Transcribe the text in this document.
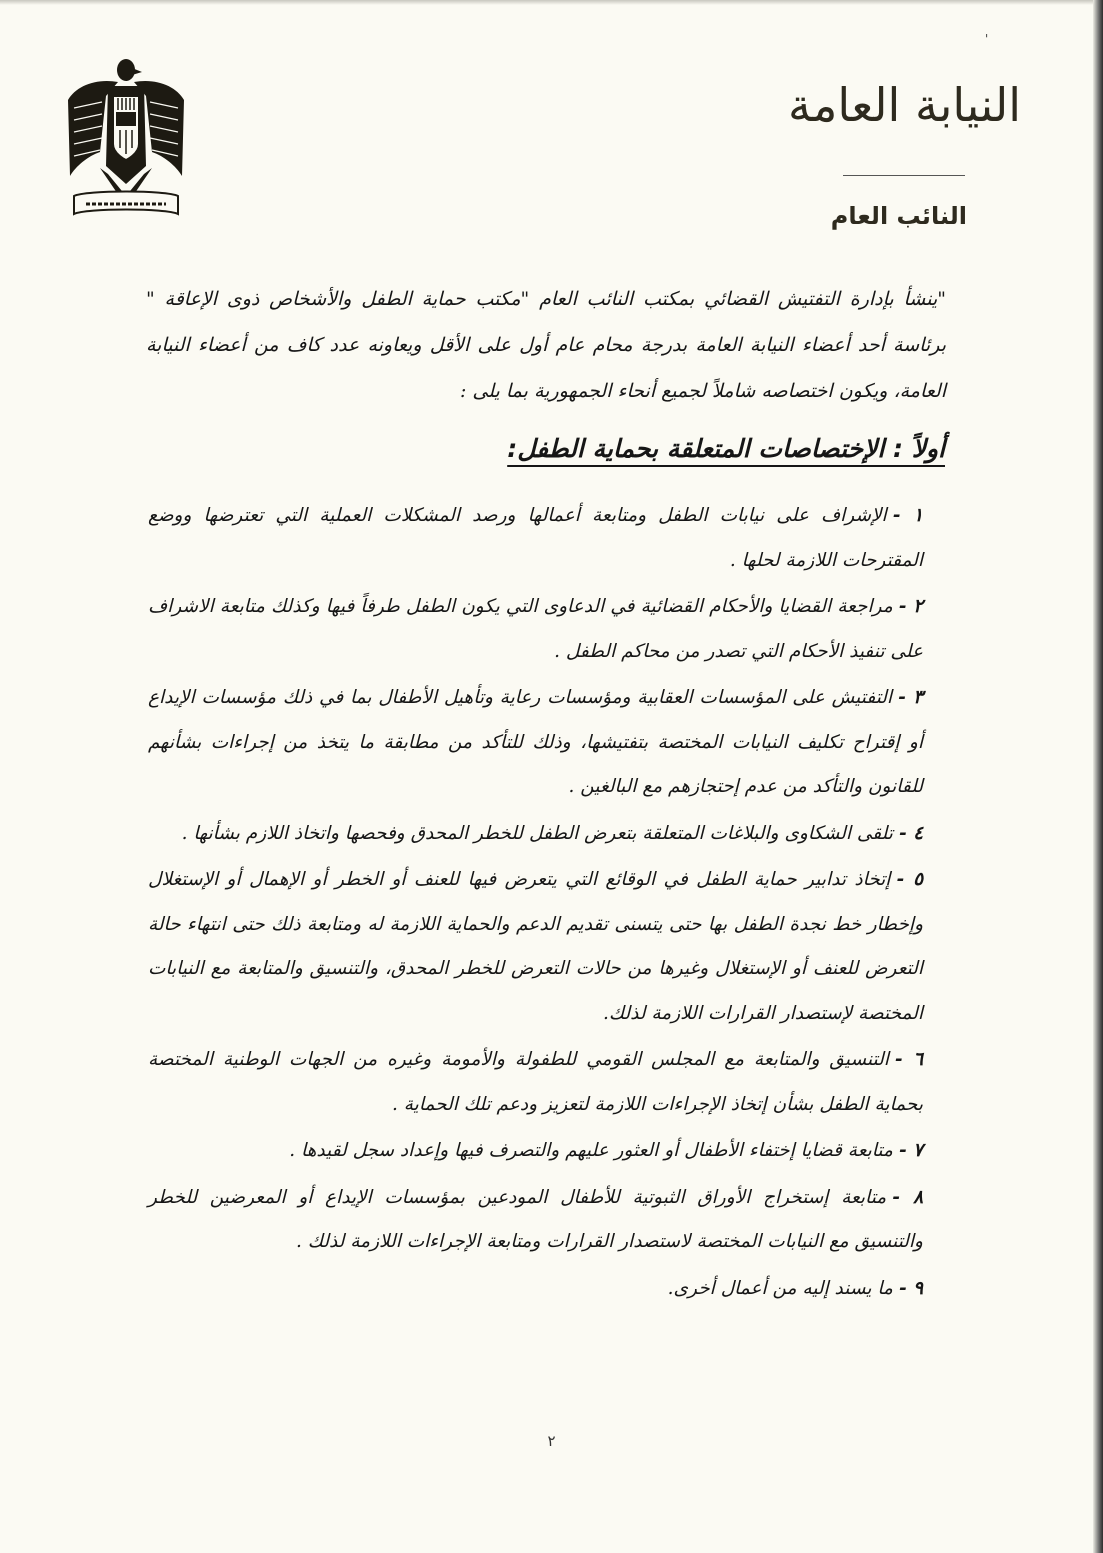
'
النيابة العامة
النائب العام
"ينشأ بإدارة التفتيش القضائي بمكتب النائب العام "مكتب حماية الطفل والأشخاص ذوى الإعاقة " برئاسة أحد أعضاء النيابة العامة بدرجة محام عام أول على الأقل ويعاونه عدد كاف من أعضاء النيابة العامة، ويكون اختصاصه شاملاً لجميع أنحاء الجمهورية بما يلى :
أولاً : الإختصاصات المتعلقة بحماية الطفل:
١ -الإشراف على نيابات الطفل ومتابعة أعمالها ورصد المشكلات العملية التي تعترضها ووضع المقترحات اللازمة لحلها .
٢ -مراجعة القضايا والأحكام القضائية في الدعاوى التي يكون الطفل طرفاً فيها وكذلك متابعة الاشراف على تنفيذ الأحكام التي تصدر من محاكم الطفل .
٣ -التفتيش على المؤسسات العقابية ومؤسسات رعاية وتأهيل الأطفال بما في ذلك مؤسسات الإيداع أو إقتراح تكليف النيابات المختصة بتفتيشها، وذلك للتأكد من مطابقة ما يتخذ من إجراءات بشأنهم للقانون والتأكد من عدم إحتجازهم مع البالغين .
٤ -تلقى الشكاوى والبلاغات المتعلقة بتعرض الطفل للخطر المحدق وفحصها واتخاذ اللازم بشأنها .
٥ -إتخاذ تدابير حماية الطفل في الوقائع التي يتعرض فيها للعنف أو الخطر أو الإهمال أو الإستغلال وإخطار خط نجدة الطفل بها حتى يتسنى تقديم الدعم والحماية اللازمة له ومتابعة ذلك حتى انتهاء حالة التعرض للعنف أو الإستغلال وغيرها من حالات التعرض للخطر المحدق، والتنسيق والمتابعة مع النيابات المختصة لإستصدار القرارات اللازمة لذلك.
٦ -التنسيق والمتابعة مع المجلس القومي للطفولة والأمومة وغيره من الجهات الوطنية المختصة بحماية الطفل بشأن إتخاذ الإجراءات اللازمة لتعزيز ودعم تلك الحماية .
٧ -متابعة قضايا إختفاء الأطفال أو العثور عليهم والتصرف فيها وإعداد سجل لقيدها .
٨ -متابعة إستخراج الأوراق الثبوتية للأطفال المودعين بمؤسسات الإيداع أو المعرضين للخطر والتنسيق مع النيابات المختصة لاستصدار القرارات ومتابعة الإجراءات اللازمة لذلك .
٩ -ما يسند إليه من أعمال أخرى.
٢
